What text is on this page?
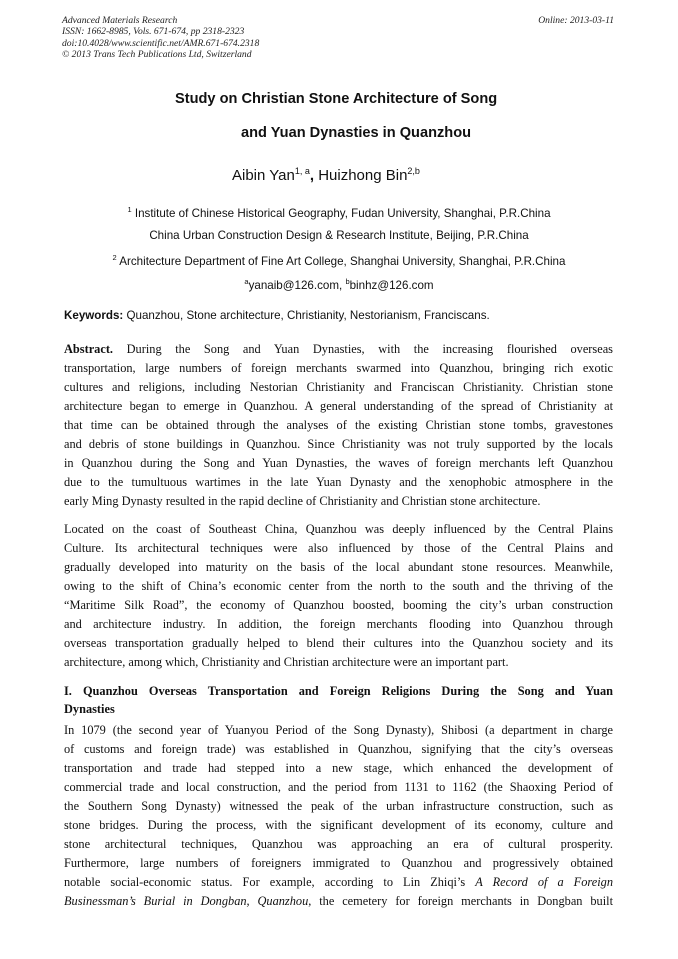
Advanced Materials Research
ISSN: 1662-8985, Vols. 671-674, pp 2318-2323
doi:10.4028/www.scientific.net/AMR.671-674.2318
© 2013 Trans Tech Publications Ltd, Switzerland
Online: 2013-03-11
Study on Christian Stone Architecture of Song
and Yuan Dynasties in Quanzhou
Aibin Yan$^{1, a}$, Huizhong Bin$^{2,b}$
$^1$ Institute of Chinese Historical Geography, Fudan University, Shanghai, P.R.China
China Urban Construction Design & Research Institute, Beijing, P.R.China
$^2$ Architecture Department of Fine Art College, Shanghai University, Shanghai, P.R.China
$^a$yanaib@126.com, $^b$binhz@126.com
Keywords: Quanzhou, Stone architecture, Christianity, Nestorianism, Franciscans.
Abstract. During the Song and Yuan Dynasties, with the increasing flourished overseas
transportation, large numbers of foreign merchants swarmed into Quanzhou, bringing rich exotic
cultures and religions, including Nestorian Christianity and Franciscan Christianity. Christian stone
architecture began to emerge in Quanzhou. A general understanding of the spread of Christianity at
that time can be obtained through the analyses of the existing Christian stone tombs, gravestones
and debris of stone buildings in Quanzhou. Since Christianity was not truly supported by the locals
in Quanzhou during the Song and Yuan Dynasties, the waves of foreign merchants left Quanzhou
due to the tumultuous wartimes in the late Yuan Dynasty and the xenophobic atmosphere in the
early Ming Dynasty resulted in the rapid decline of Christianity and Christian stone architecture.
Located on the coast of Southeast China, Quanzhou was deeply influenced by the Central Plains
Culture. Its architectural techniques were also influenced by those of the Central Plains and
gradually developed into maturity on the basis of the local abundant stone resources. Meanwhile,
owing to the shift of China’s economic center from the north to the south and the thriving of the
“Maritime Silk Road”, the economy of Quanzhou boosted, booming the city’s urban construction
and architecture industry. In addition, the foreign merchants flooding into Quanzhou through
overseas transportation gradually helped to blend their cultures into the Quanzhou society and its
architecture, among which, Christianity and Christian architecture were an important part.
I. Quanzhou Overseas Transportation and Foreign Religions During the Song and Yuan
Dynasties
In 1079 (the second year of Yuanyou Period of the Song Dynasty), Shibosi (a department in charge
of customs and foreign trade) was established in Quanzhou, signifying that the city’s overseas
transportation and trade had stepped into a new stage, which enhanced the development of
commercial trade and local construction, and the period from 1131 to 1162 (the Shaoxing Period of
the Southern Song Dynasty) witnessed the peak of the urban infrastructure construction, such as
stone bridges. During the process, with the significant development of its economy, culture and
stone architectural techniques, Quanzhou was approaching an era of cultural prosperity.
Furthermore, large numbers of foreigners immigrated to Quanzhou and progressively obtained
notable social-economic status. For example, according to Lin Zhiqi’s A Record of a Foreign
Businessman’s Burial in Dongban, Quanzhou, the cemetery for foreign merchants in Dongban built
